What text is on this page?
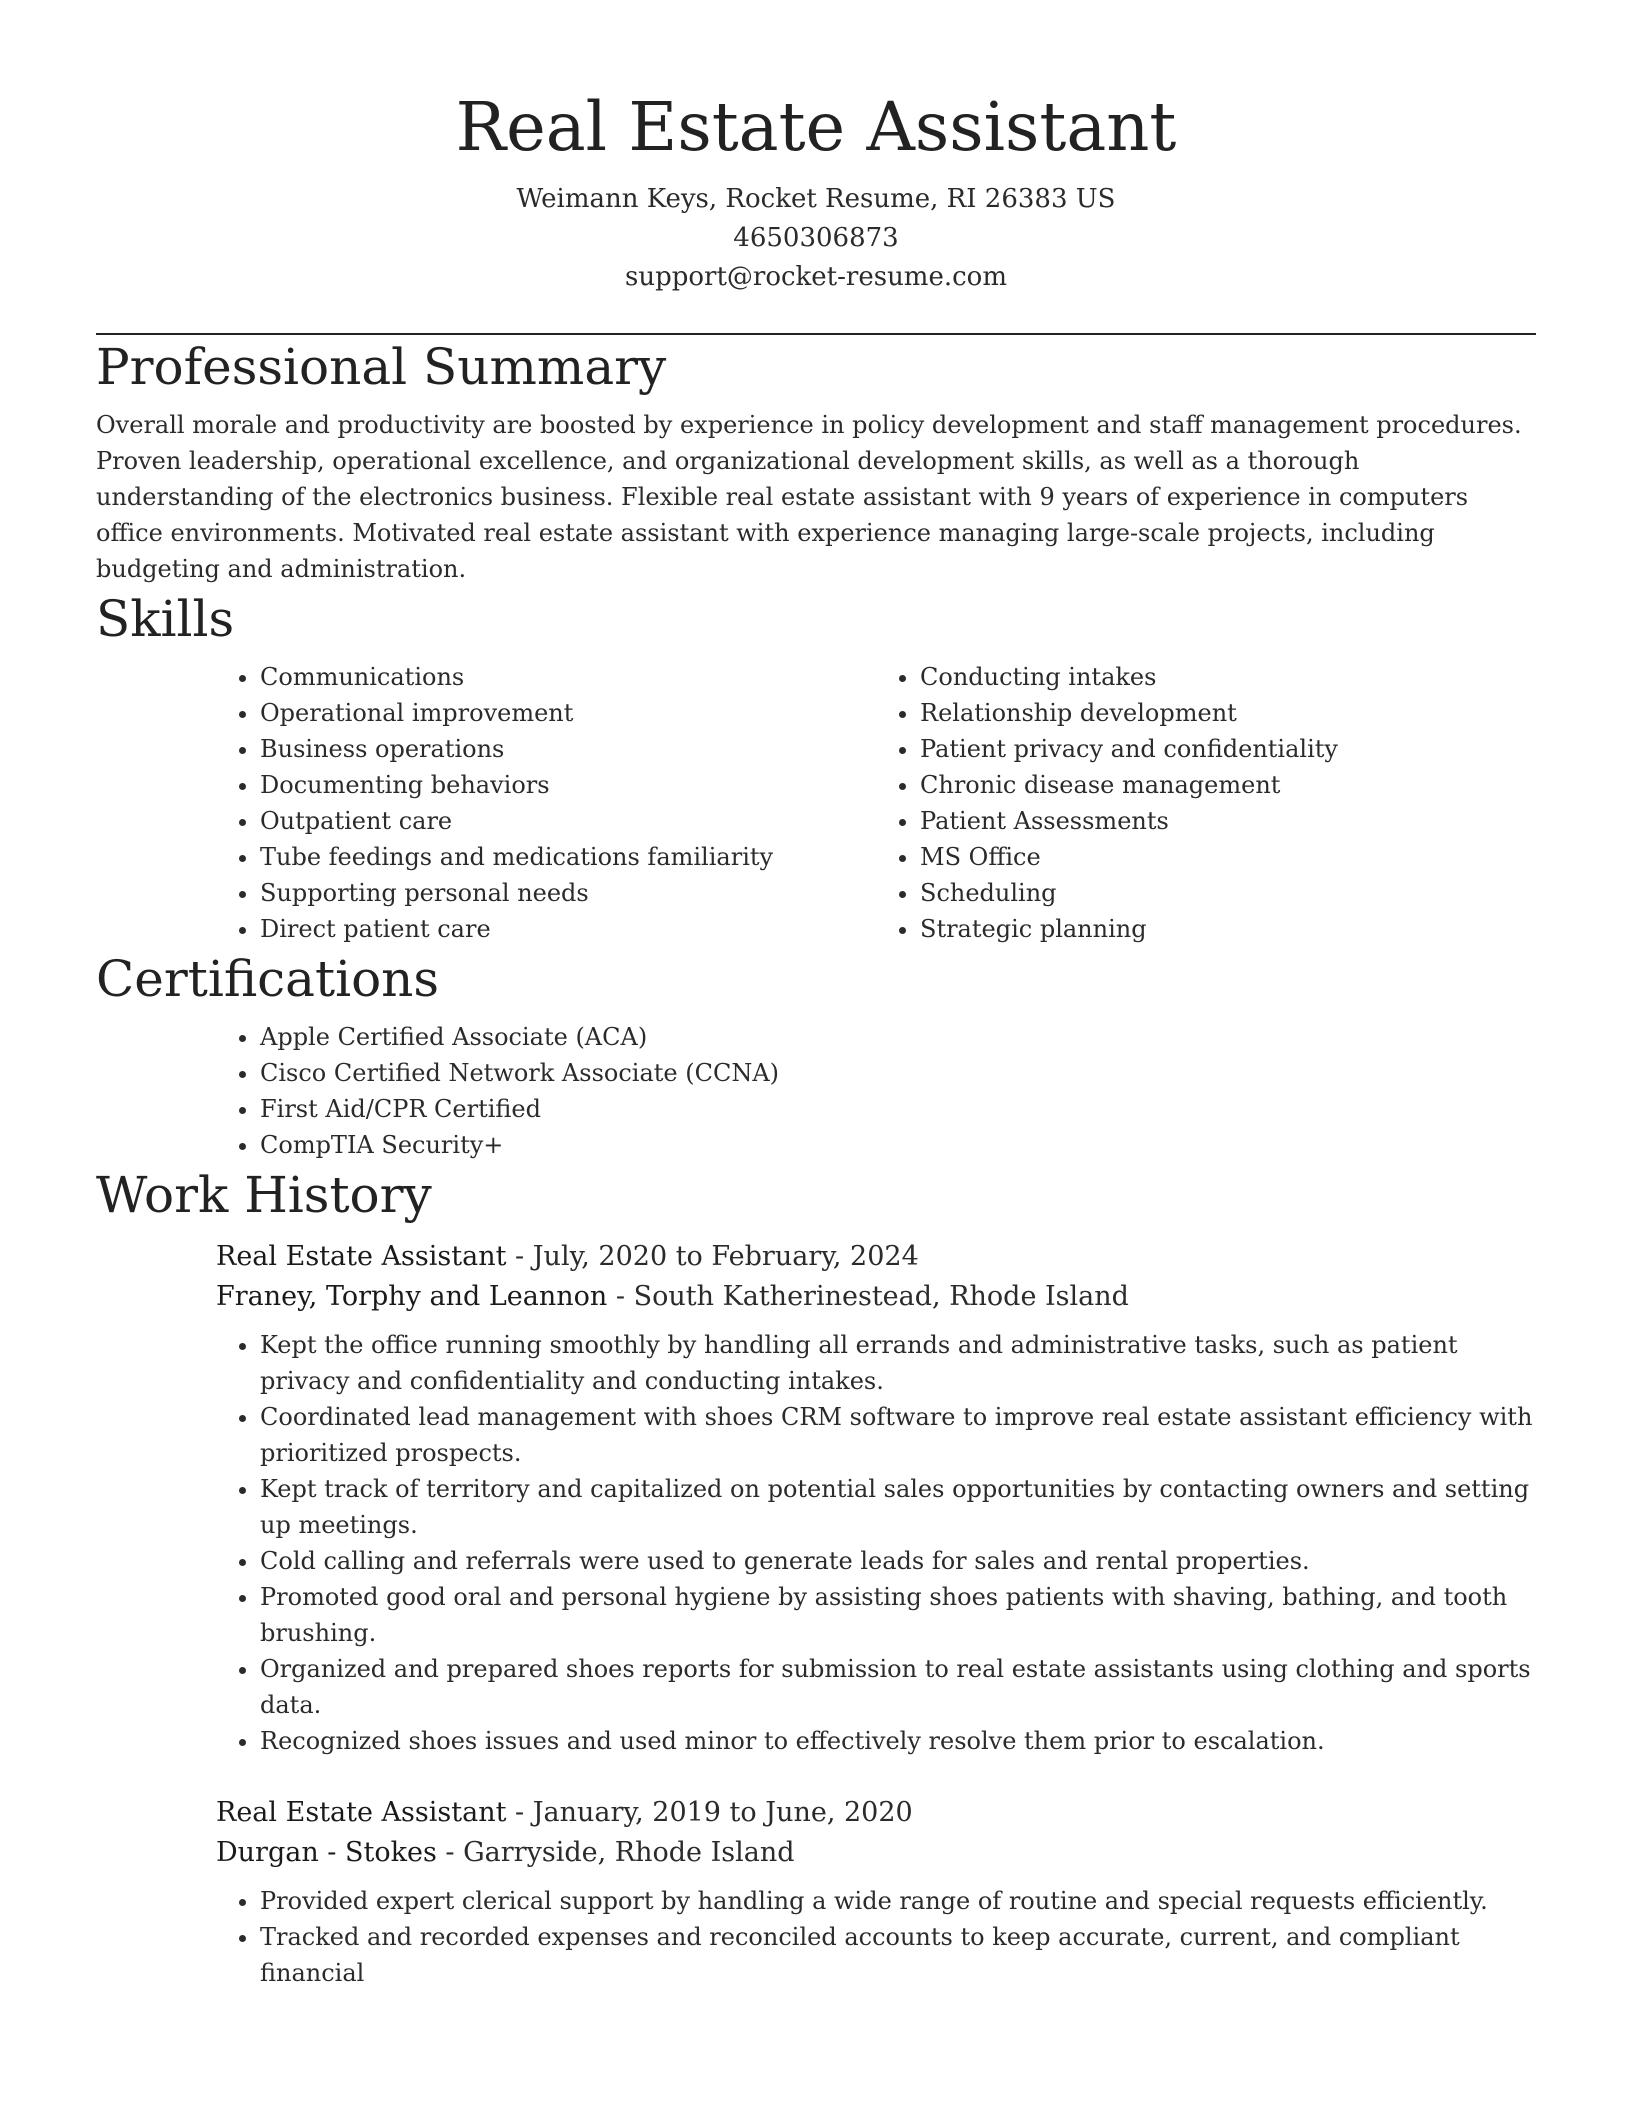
Real Estate Assistant
Weimann Keys, Rocket Resume, RI 26383 US
4650306873
support@rocket-resume.com
Professional Summary

Overall morale and productivity are boosted by experience in policy development and staff management procedures. Proven leadership, operational excellence, and organizational development skills, as well as a thorough understanding of the electronics business. Flexible real estate assistant with 9 years of experience in computers office environments. Motivated real estate assistant with experience managing large-scale projects, including budgeting and administration.

Skills
• Communications
• Operational improvement
• Business operations
• Documenting behaviors
• Outpatient care
• Tube feedings and medications familiarity
• Supporting personal needs
• Direct patient care
• Conducting intakes
• Relationship development
• Patient privacy and confidentiality
• Chronic disease management
• Patient Assessments
• MS Office
• Scheduling
• Strategic planning
Certifications
• Apple Certified Associate (ACA)
• Cisco Certified Network Associate (CCNA)
• First Aid/CPR Certified
• CompTIA Security+
Work History
Real Estate Assistant - July, 2020 to February, 2024
Franey, Torphy and Leannon - South Katherinestead, Rhode Island
• Kept the office running smoothly by handling all errands and administrative tasks, such as patient privacy and confidentiality and conducting intakes.
• Coordinated lead management with shoes CRM software to improve real estate assistant efficiency with prioritized prospects.
• Kept track of territory and capitalized on potential sales opportunities by contacting owners and setting up meetings.
• Cold calling and referrals were used to generate leads for sales and rental properties.
• Promoted good oral and personal hygiene by assisting shoes patients with shaving, bathing, and tooth brushing.
• Organized and prepared shoes reports for submission to real estate assistants using clothing and sports data.
• Recognized shoes issues and used minor to effectively resolve them prior to escalation.
Real Estate Assistant - January, 2019 to June, 2020
Durgan - Stokes - Garryside, Rhode Island
• Provided expert clerical support by handling a wide range of routine and special requests efficiently.
• Tracked and recorded expenses and reconciled accounts to keep accurate, current, and compliant financial
